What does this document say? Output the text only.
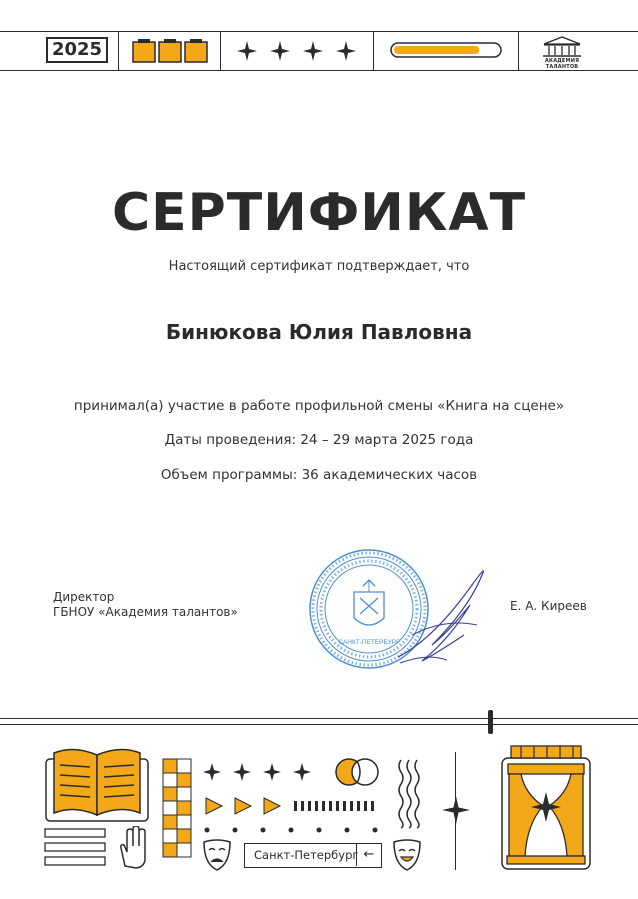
2025
АКАДЕМИЯ ТАЛАНТОВ
СЕРТИФИКАТ
Настоящий сертификат подтверждает, что
Бинюкова Юлия Павловна
принимал(а) участие в работе профильной смены «Книга на сцене»
Даты проведения: 24 – 29 марта 2025 года
Объем программы: 36 академических часов
Директор
ГБНОУ «Академия талантов»	Е. А. Киреев
САНКТ-ПЕТЕРБУРГ
Санкт-Петербург ←
